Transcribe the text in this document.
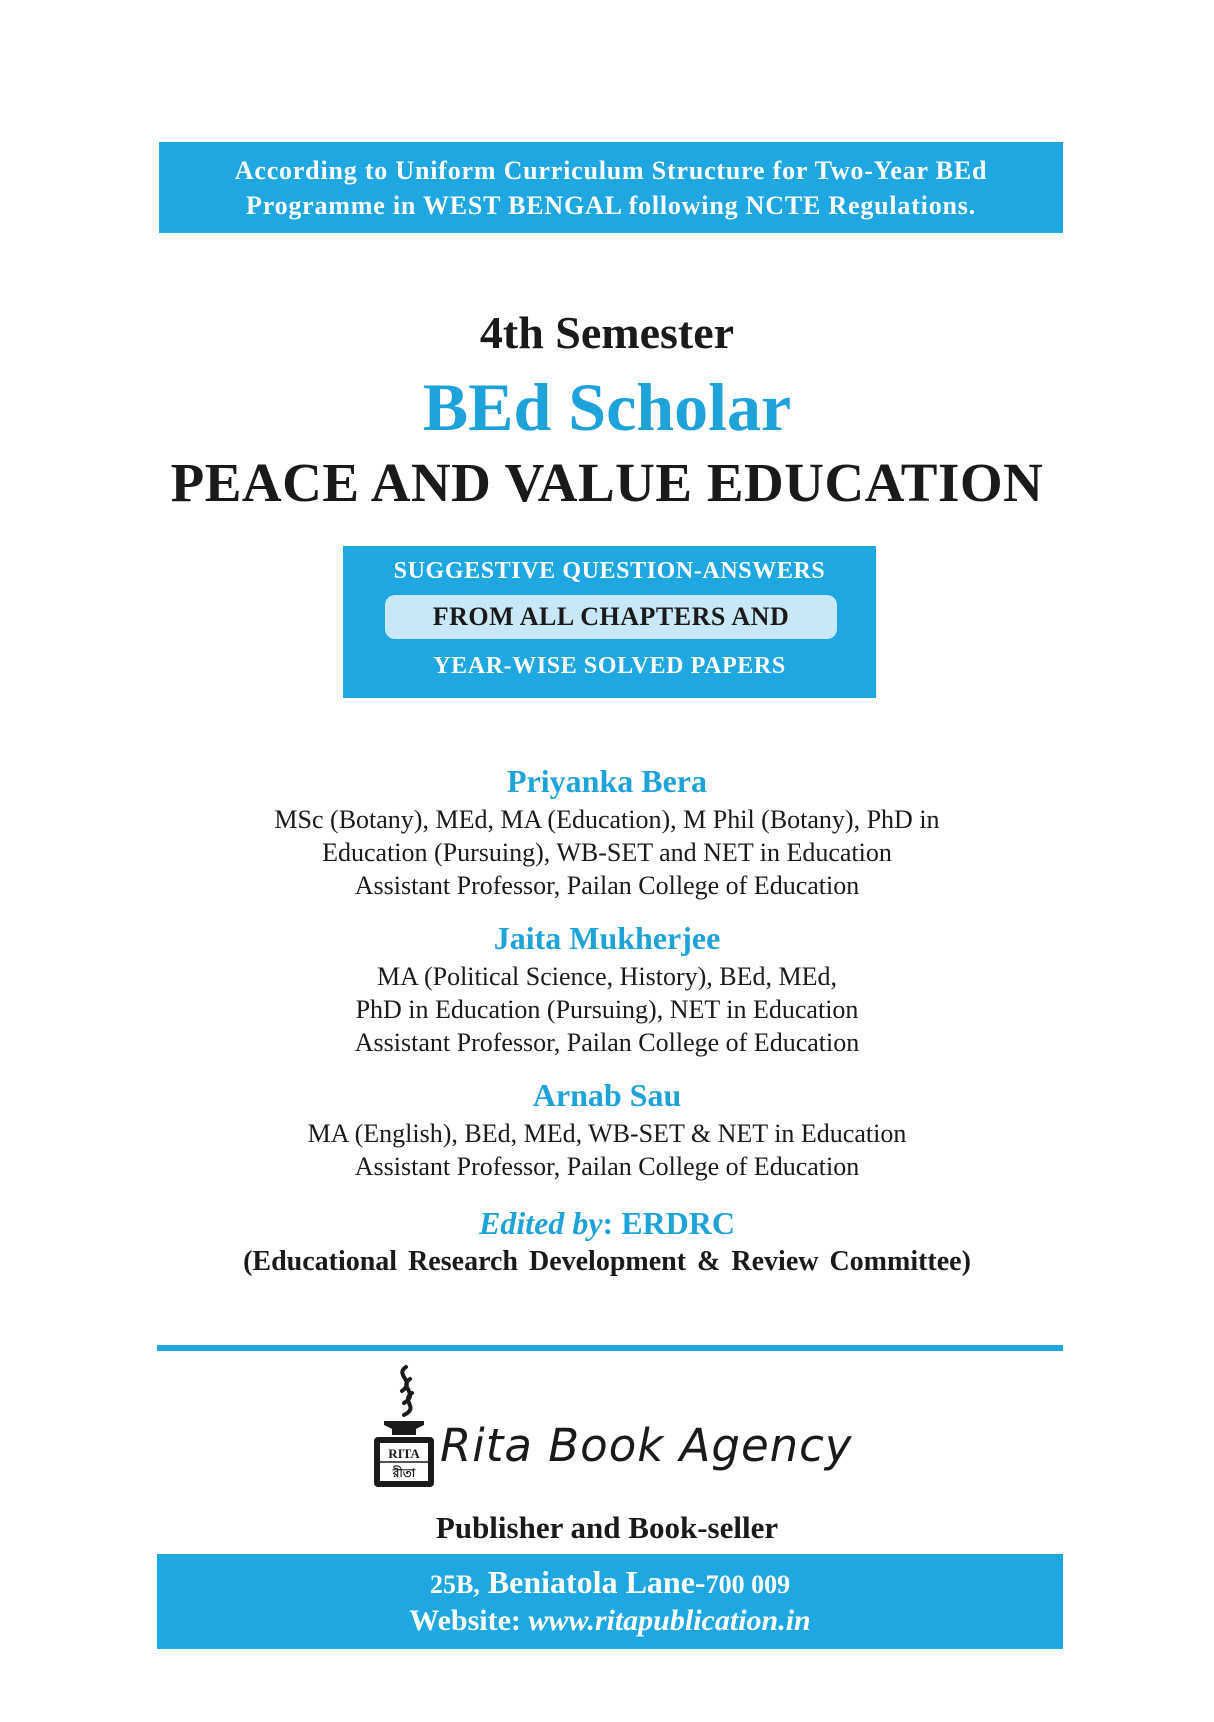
According to Uniform Curriculum Structure for Two-Year BEd
Programme in WEST BENGAL following NCTE Regulations.
4th Semester
BEd Scholar
PEACE AND VALUE EDUCATION
SUGGESTIVE QUESTION-ANSWERS
FROM ALL CHAPTERS AND
YEAR-WISE SOLVED PAPERS
Priyanka Bera
MSc (Botany), MEd, MA (Education), M Phil (Botany), PhD in
Education (Pursuing), WB-SET and NET in Education
Assistant Professor, Pailan College of Education
Jaita Mukherjee
MA (Political Science, History), BEd, MEd,
PhD in Education (Pursuing), NET in Education
Assistant Professor, Pailan College of Education
Arnab Sau
MA (English), BEd, MEd, WB-SET & NET in Education
Assistant Professor, Pailan College of Education
Edited by: ERDRC
(Educational Research Development & Review Committee)
RITA
রীতা
Rita Book Agency
Publisher and Book-seller
25B, Beniatola Lane-700 009
Website: www.ritapublication.in
